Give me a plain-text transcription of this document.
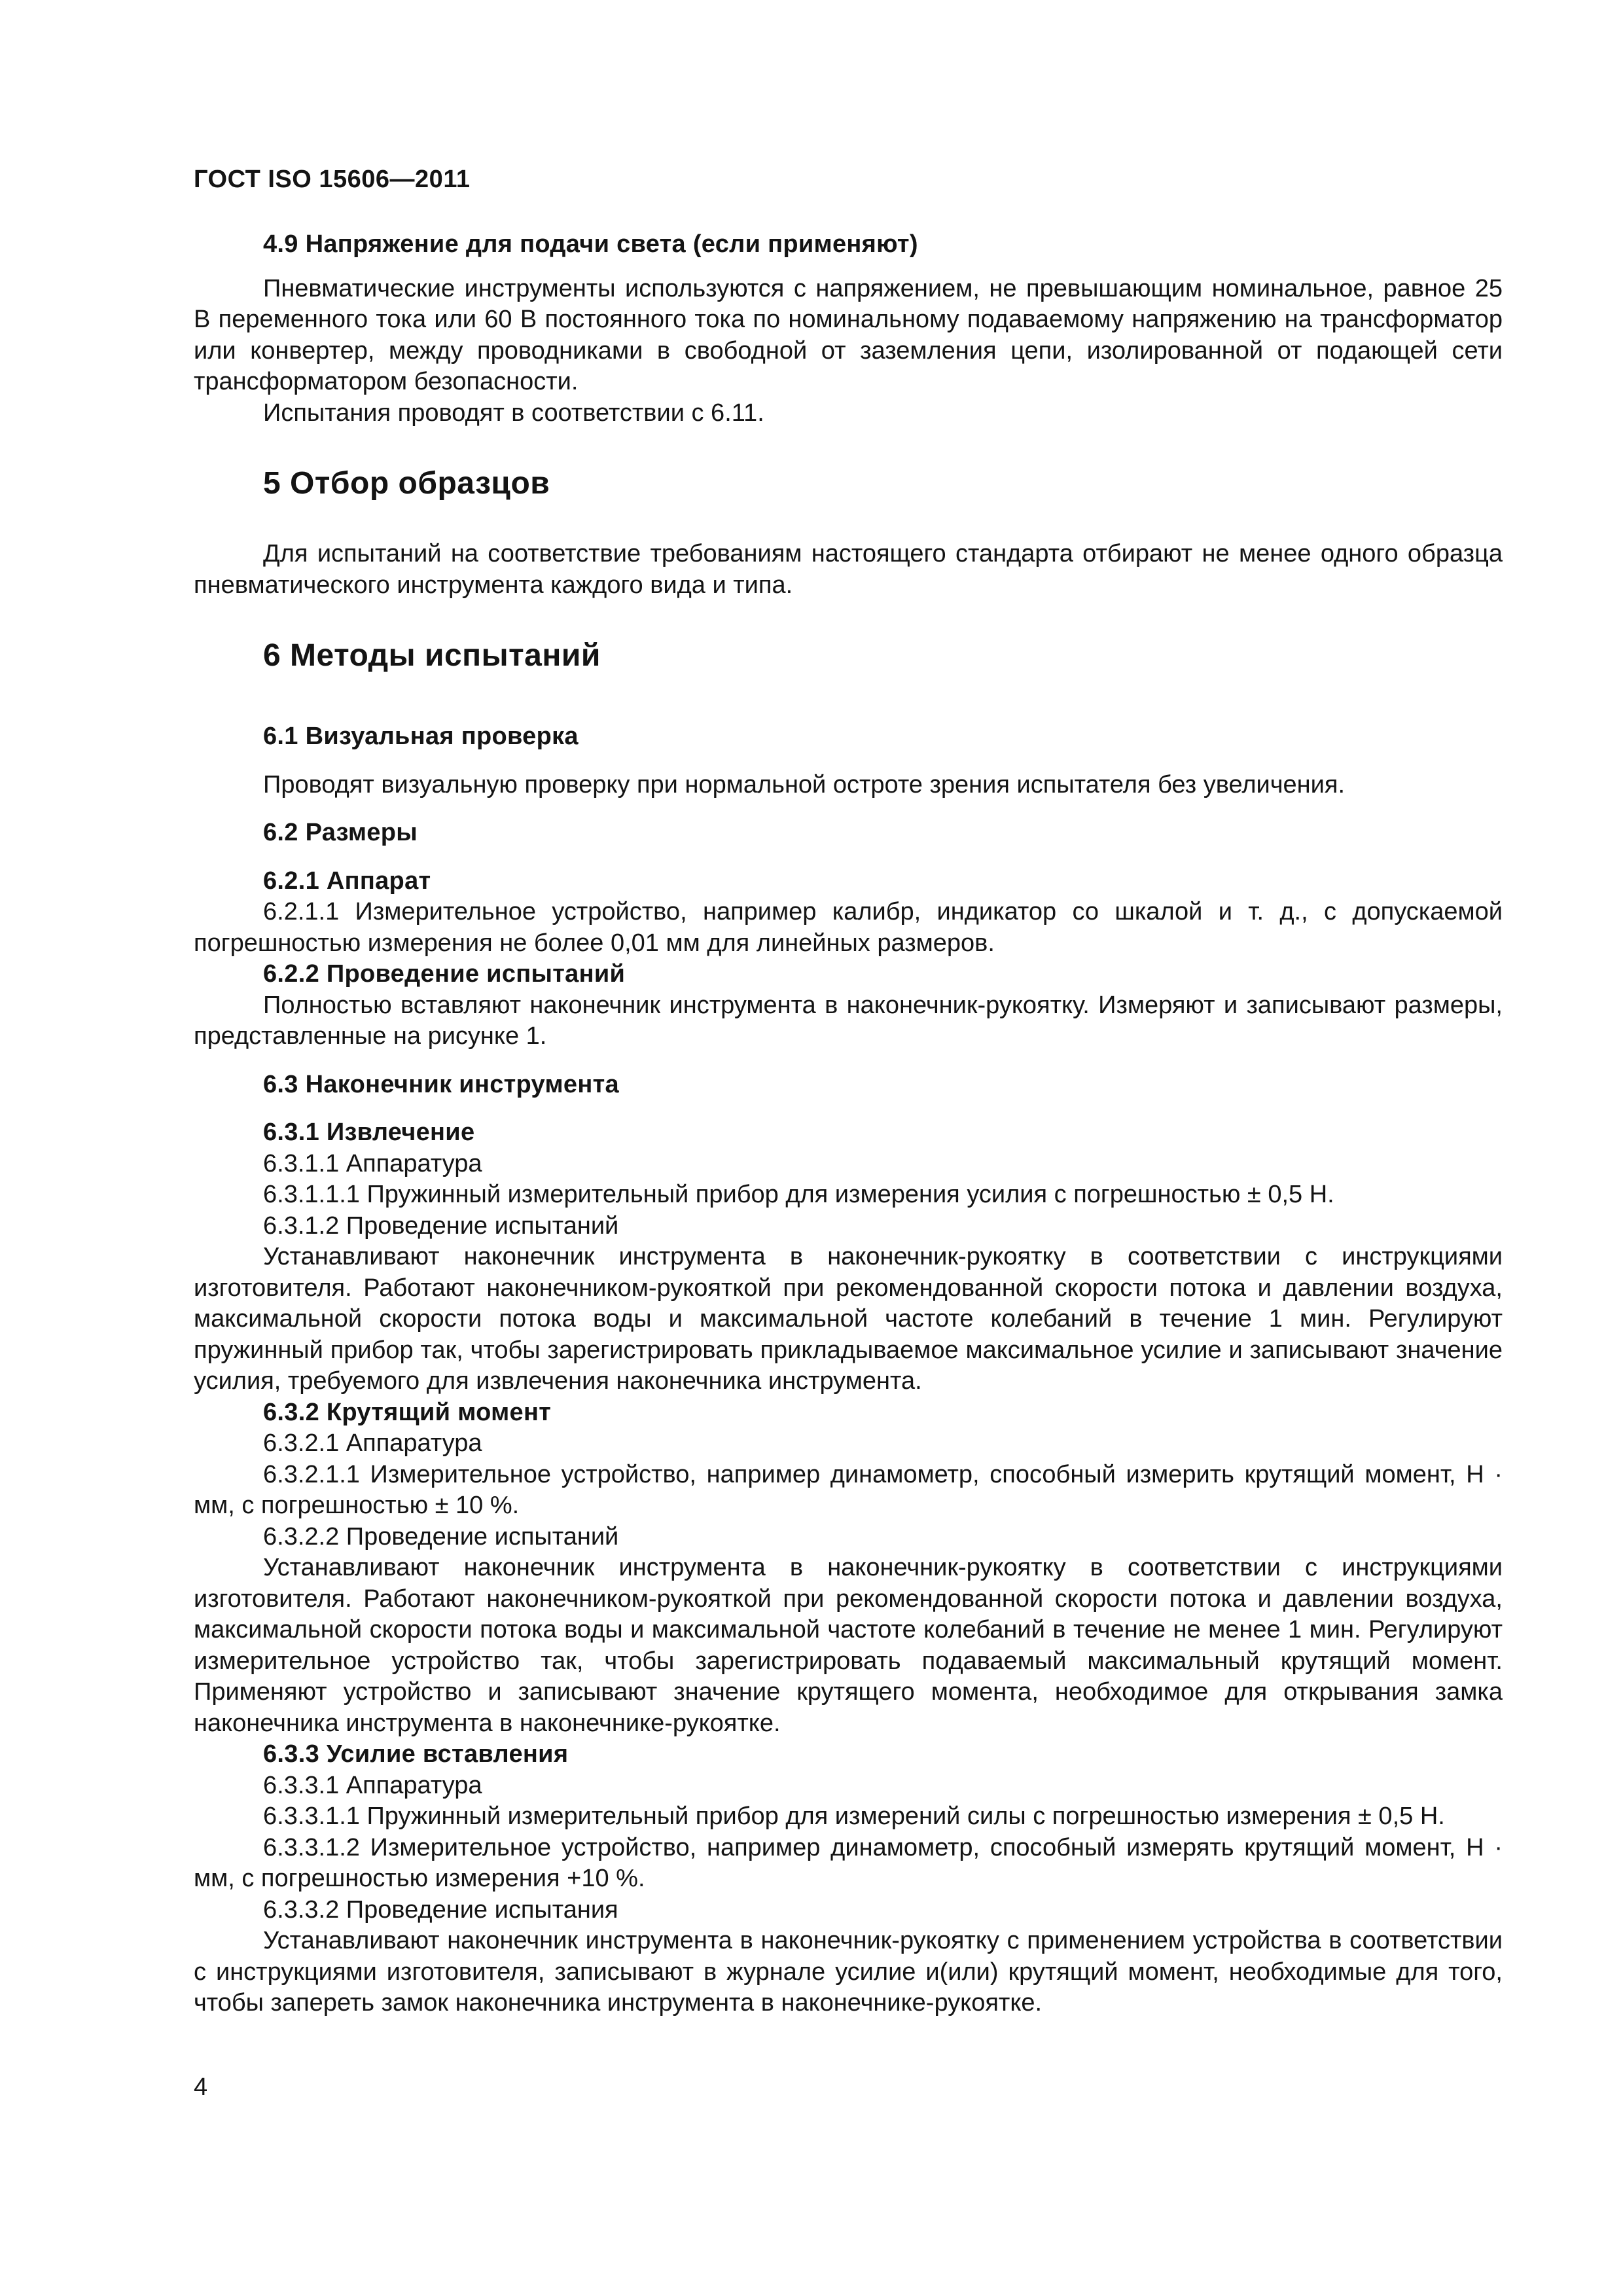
ГОСТ ISO 15606—2011
4.9 Напряжение для подачи света (если применяют)

Пневматические инструменты используются с напряжением, не превышающим номинальное, равное 25 В переменного тока или 60 В постоянного тока по номинальному подаваемому напряжению на трансформатор или конвертер, между проводниками в свободной от заземления цепи, изолированной от подающей сети трансформатором безопасности.

Испытания проводят в соответствии с 6.11.

5 Отбор образцов

Для испытаний на соответствие требованиям настоящего стандарта отбирают не менее одного образца пневматического инструмента каждого вида и типа.

6 Методы испытаний
6.1 Визуальная проверка

Проводят визуальную проверку при нормальной остроте зрения испытателя без увеличения.

6.2 Размеры
6.2.1 Аппарат

6.2.1.1 Измерительное устройство, например калибр, индикатор со шкалой и т. д., с допускаемой погрешностью измерения не более 0,01 мм для линейных размеров.

6.2.2 Проведение испытаний

Полностью вставляют наконечник инструмента в наконечник-рукоятку. Измеряют и записывают размеры, представленные на рисунке 1.

6.3 Наконечник инструмента
6.3.1 Извлечение

6.3.1.1 Аппаратура

6.3.1.1.1 Пружинный измерительный прибор для измерения усилия с погрешностью ± 0,5 Н.

6.3.1.2 Проведение испытаний

Устанавливают наконечник инструмента в наконечник-рукоятку в соответствии с инструкциями изготовителя. Работают наконечником-рукояткой при рекомендованной скорости потока и давлении воздуха, максимальной скорости потока воды и максимальной частоте колебаний в течение 1 мин. Регулируют пружинный прибор так, чтобы зарегистрировать прикладываемое максимальное усилие и записывают значение усилия, требуемого для извлечения наконечника инструмента.

6.3.2 Крутящий момент

6.3.2.1 Аппаратура

6.3.2.1.1 Измерительное устройство, например динамометр, способный измерить крутящий момент, Н · мм, с погрешностью ± 10 %.

6.3.2.2 Проведение испытаний

Устанавливают наконечник инструмента в наконечник-рукоятку в соответствии с инструкциями изготовителя. Работают наконечником-рукояткой при рекомендованной скорости потока и давлении воздуха, максимальной скорости потока воды и максимальной частоте колебаний в течение не менее 1 мин. Регулируют измерительное устройство так, чтобы зарегистрировать подаваемый максимальный крутящий момент. Применяют устройство и записывают значение крутящего момента, необходимое для открывания замка наконечника инструмента в наконечнике-рукоятке.

6.3.3 Усилие вставления

6.3.3.1 Аппаратура

6.3.3.1.1 Пружинный измерительный прибор для измерений силы с погрешностью измерения ± 0,5 Н.

6.3.3.1.2 Измерительное устройство, например динамометр, способный измерять крутящий момент, Н · мм, с погрешностью измерения +10 %.

6.3.3.2 Проведение испытания

Устанавливают наконечник инструмента в наконечник-рукоятку с применением устройства в соответствии с инструкциями изготовителя, записывают в журнале усилие и(или) крутящий момент, необходимые для того, чтобы запереть замок наконечника инструмента в наконечнике-рукоятке.

4
